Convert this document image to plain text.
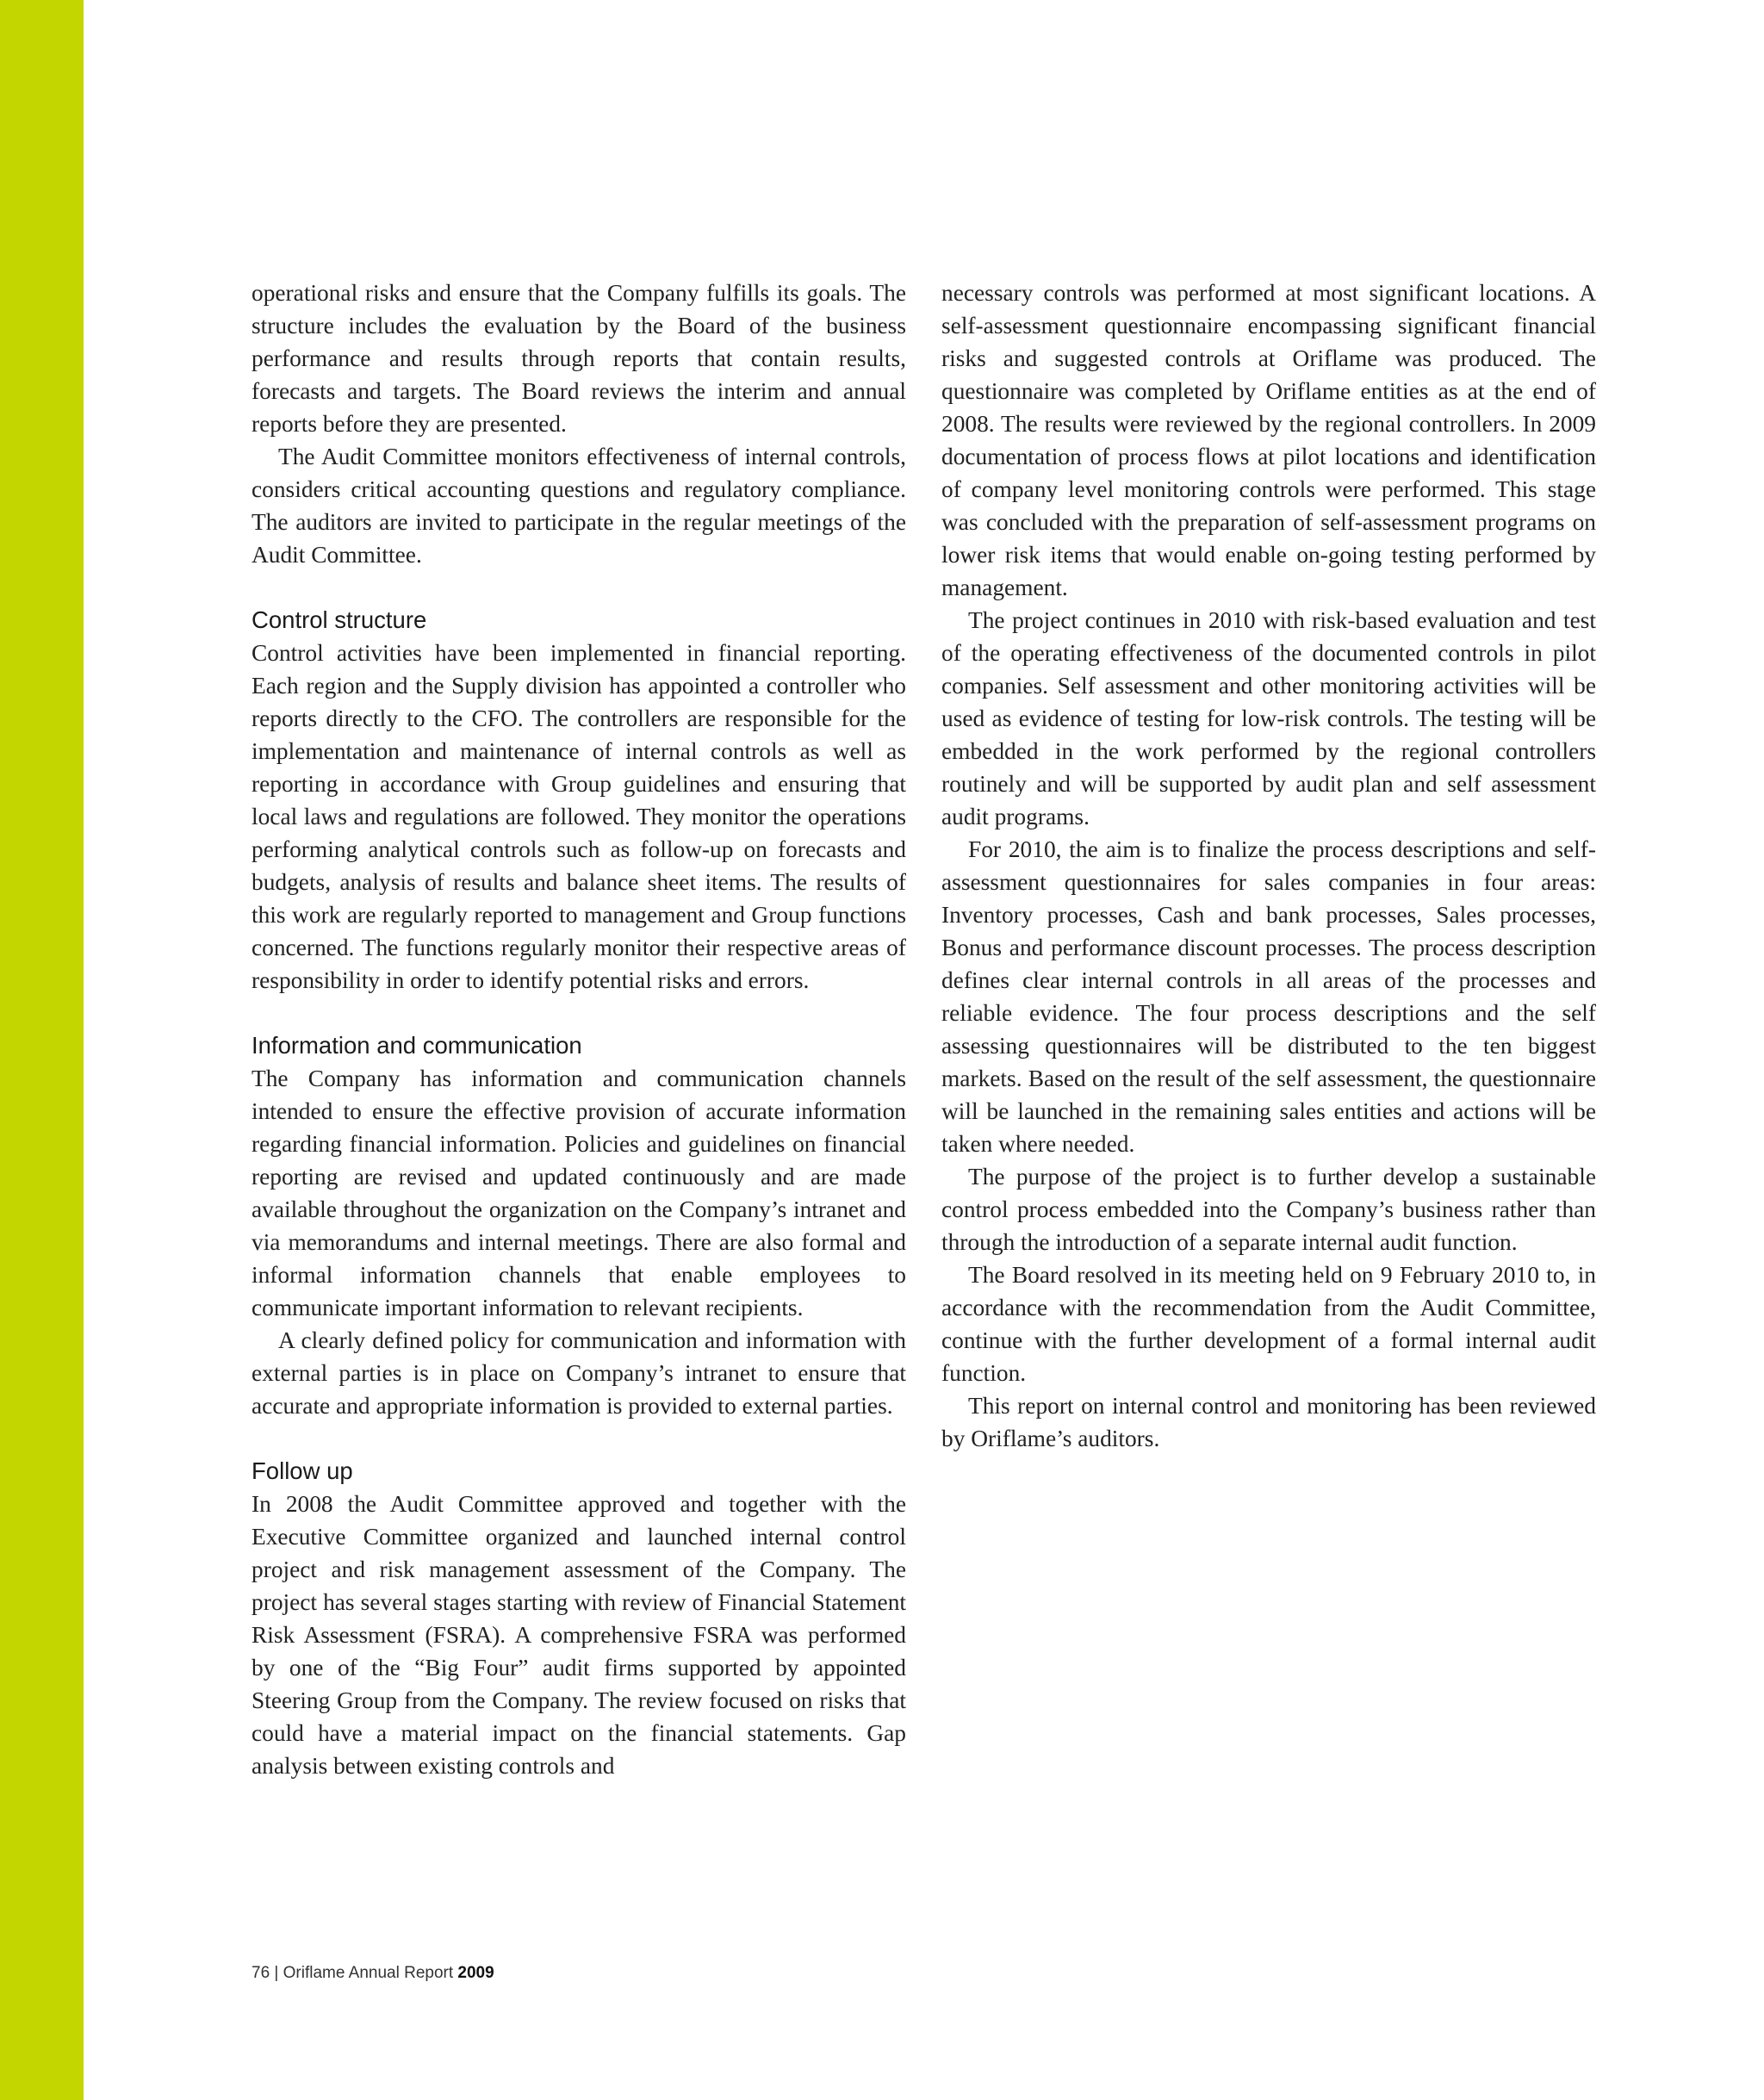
operational risks and ensure that the Company fulfills its goals. The structure includes the evaluation by the Board of the business performance and results through reports that contain results, forecasts and targets. The Board reviews the interim and annual reports before they are presented.

The Audit Committee monitors effectiveness of internal controls, considers critical accounting questions and regulatory compliance. The auditors are invited to participate in the regular meetings of the Audit Committee.

Control structure

Control activities have been implemented in financial reporting. Each region and the Supply division has appointed a controller who reports directly to the CFO. The controllers are responsible for the implementation and maintenance of internal controls as well as reporting in accordance with Group guidelines and ensuring that local laws and regulations are followed. They monitor the operations performing analytical controls such as follow-up on forecasts and budgets, analysis of results and balance sheet items. The results of this work are regularly reported to management and Group functions concerned. The functions regularly monitor their respective areas of responsibility in order to identify potential risks and errors.

Information and communication

The Company has information and communication channels intended to ensure the effective provision of accurate information regarding financial information. Policies and guidelines on financial reporting are revised and updated continuously and are made available throughout the organization on the Company’s intranet and via memorandums and internal meetings. There are also formal and informal information channels that enable employees to communicate important information to relevant recipients.

A clearly defined policy for communication and information with external parties is in place on Company’s intranet to ensure that accurate and appropriate information is provided to external parties.

Follow up

In 2008 the Audit Committee approved and together with the Executive Committee organized and launched internal control project and risk management assessment of the Company. The project has several stages starting with review of Financial Statement Risk Assessment (FSRA). A comprehensive FSRA was performed by one of the “Big Four” audit firms supported by appointed Steering Group from the Company. The review focused on risks that could have a material impact on the financial statements. Gap analysis between existing controls and

necessary controls was performed at most significant locations. A self-assessment questionnaire encompassing significant financial risks and suggested controls at Oriflame was produced. The questionnaire was completed by Oriflame entities as at the end of 2008. The results were reviewed by the regional controllers. In 2009 documentation of process flows at pilot locations and identification of company level monitoring controls were performed. This stage was concluded with the preparation of self-assessment programs on lower risk items that would enable on-going testing performed by management.

The project continues in 2010 with risk-based evaluation and test of the operating effectiveness of the documented controls in pilot companies. Self assessment and other monitoring activities will be used as evidence of testing for low-risk controls. The testing will be embedded in the work performed by the regional controllers routinely and will be supported by audit plan and self assessment audit programs.

For 2010, the aim is to finalize the process descriptions and self-assessment questionnaires for sales companies in four areas: Inventory processes, Cash and bank processes, Sales processes, Bonus and performance discount processes. The process description defines clear internal controls in all areas of the processes and reliable evidence. The four process descriptions and the self assessing questionnaires will be distributed to the ten biggest markets. Based on the result of the self assessment, the questionnaire will be launched in the remaining sales entities and actions will be taken where needed.

The purpose of the project is to further develop a sustainable control process embedded into the Company’s business rather than through the introduction of a separate internal audit function.

The Board resolved in its meeting held on 9 February 2010 to, in accordance with the recommendation from the Audit Committee, continue with the further development of a formal internal audit function.

This report on internal control and monitoring has been reviewed by Oriflame’s auditors.

76 | Oriflame Annual Report 2009
